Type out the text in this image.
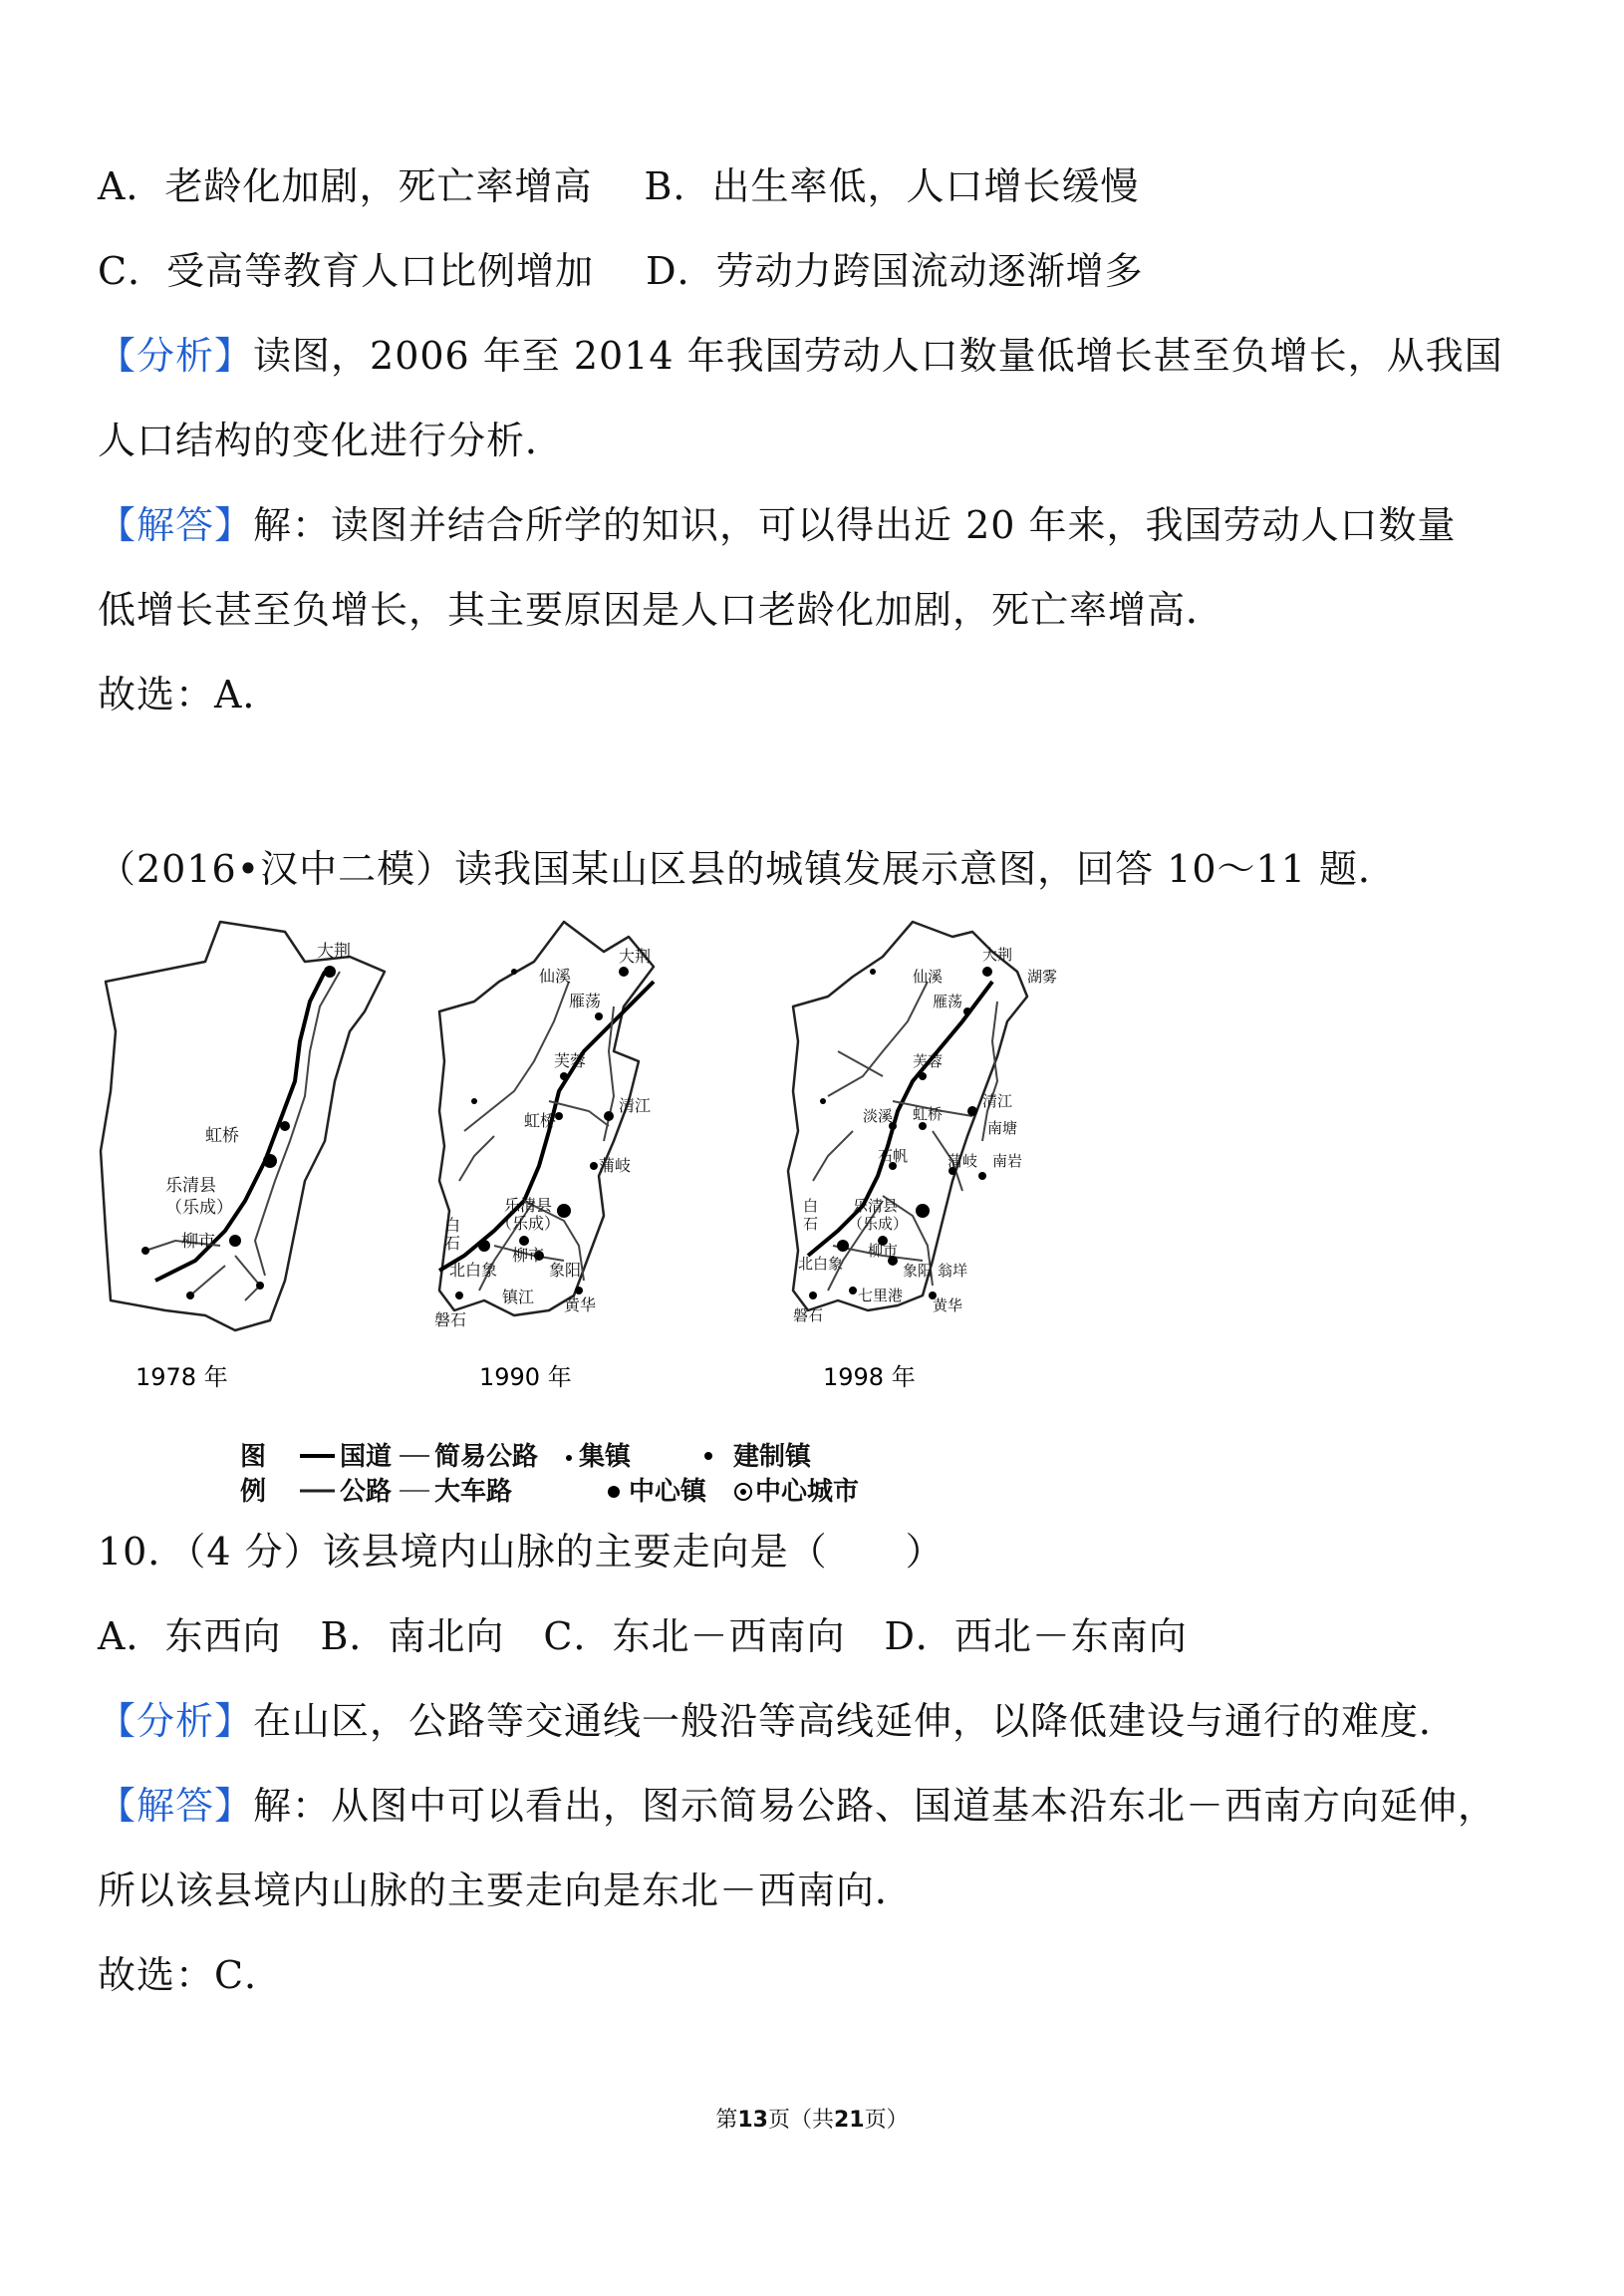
A．老龄化加剧，死亡率增高　 B．出生率低，人口增长缓慢
C．受高等教育人口比例增加　 D．劳动力跨国流动逐渐增多
【分析】读图，2006 年至 2014 年我国劳动人口数量低增长甚至负增长，从我国
人口结构的变化进行分析．
【解答】解：读图并结合所学的知识，可以得出近 20 年来，我国劳动人口数量
低增长甚至负增长，其主要原因是人口老龄化加剧，死亡率增高．
故选：A．
（2016•汉中二模）读我国某山区县的城镇发展示意图，回答 10～11 题．
大荆
虹桥
乐清县
（乐成）
柳市
1978 年
仙溪
大荆
雁荡
芙蓉
清江
虹桥
蒲岐
白
石
乐清县
（乐成）
柳市
北白象	象阳
镇江 黄华
磐石
1990 年
仙溪
大荆
湖雾
雁荡
芙蓉
清江
淡溪 虹桥
南塘
石帆	蒲岐 南岩
白
石
乐清县
（乐成）
柳市
北白象	象阳 翁垟
七里港
磐石
黄华
1998 年
图
例
国道 简易公路 集镇	建制镇
公路 大车路	中心镇 中心城市
10．（4 分）该县境内山脉的主要走向是（　　）
A．东西向　B．南北向　C．东北－西南向　D．西北－东南向
【分析】在山区，公路等交通线一般沿等高线延伸，以降低建设与通行的难度．
【解答】解：从图中可以看出，图示简易公路、国道基本沿东北－西南方向延伸，
所以该县境内山脉的主要走向是东北－西南向．
故选：C．
第13页（共21页）
